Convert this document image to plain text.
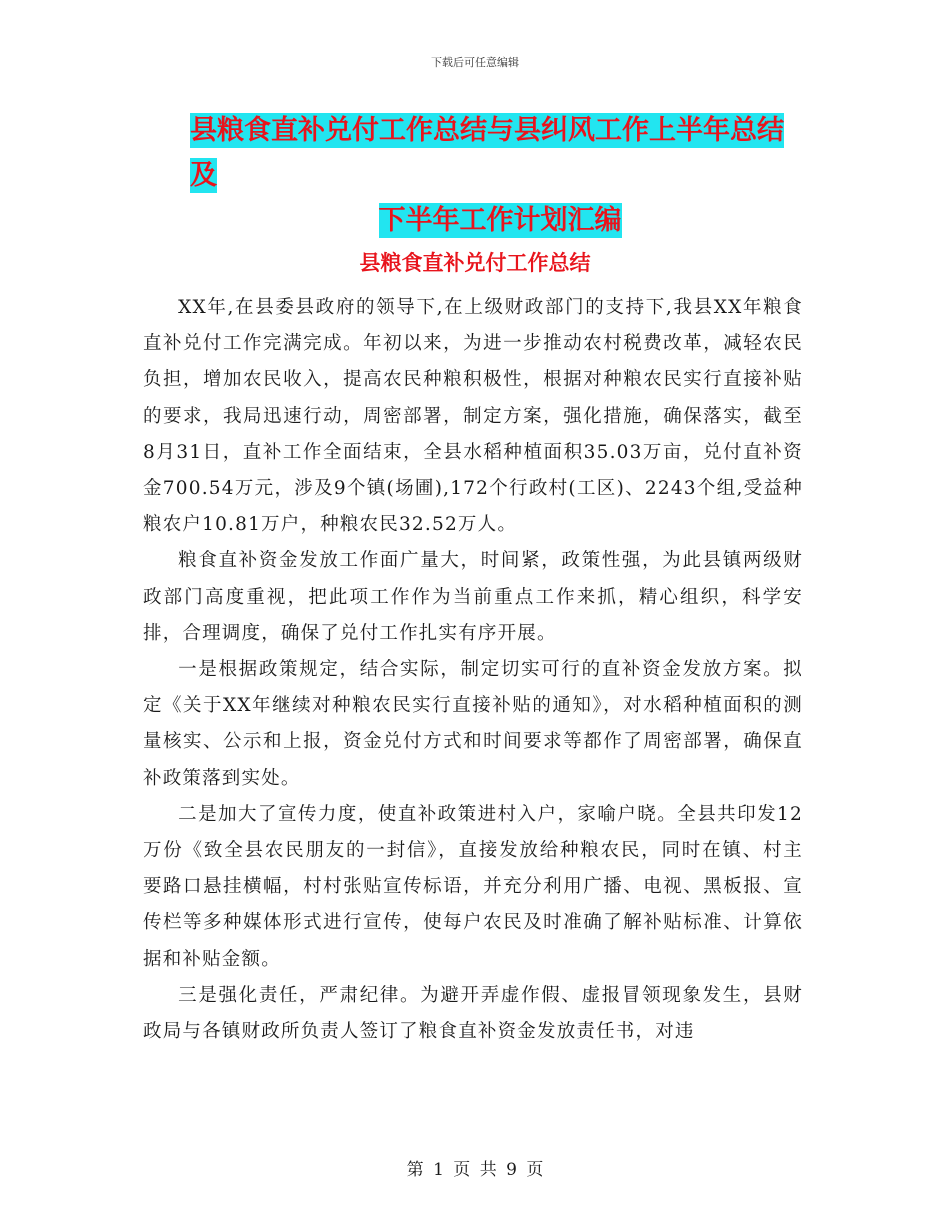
下载后可任意编辑
县粮食直补兑付工作总结与县纠风工作上半年总结及
下半年工作计划汇编
县粮食直补兑付工作总结

XX年,在县委县政府的领导下,在上级财政部门的支持下,我县XX年粮食直补兑付工作完满完成。年初以来，为进一步推动农村税费改革，减轻农民负担，增加农民收入，提高农民种粮积极性，根据对种粮农民实行直接补贴的要求，我局迅速行动，周密部署，制定方案，强化措施，确保落实，截至8月31日，直补工作全面结束，全县水稻种植面积35.03万亩，兑付直补资金700.54万元，涉及9个镇(场圃),172个行政村(工区)、2243个组,受益种粮农户10.81万户，种粮农民32.52万人。

粮食直补资金发放工作面广量大，时间紧，政策性强，为此县镇两级财政部门高度重视，把此项工作作为当前重点工作来抓，精心组织，科学安排，合理调度，确保了兑付工作扎实有序开展。

一是根据政策规定，结合实际，制定切实可行的直补资金发放方案。拟定《关于XX年继续对种粮农民实行直接补贴的通知》，对水稻种植面积的测量核实、公示和上报，资金兑付方式和时间要求等都作了周密部署，确保直补政策落到实处。

二是加大了宣传力度，使直补政策进村入户，家喻户晓。全县共印发12万份《致全县农民朋友的一封信》，直接发放给种粮农民，同时在镇、村主要路口悬挂横幅，村村张贴宣传标语，并充分利用广播、电视、黑板报、宣传栏等多种媒体形式进行宣传，使每户农民及时准确了解补贴标准、计算依据和补贴金额。

三是强化责任，严肃纪律。为避开弄虚作假、虚报冒领现象发生，县财政局与各镇财政所负责人签订了粮食直补资金发放责任书，对违

第 1 页 共 9 页
